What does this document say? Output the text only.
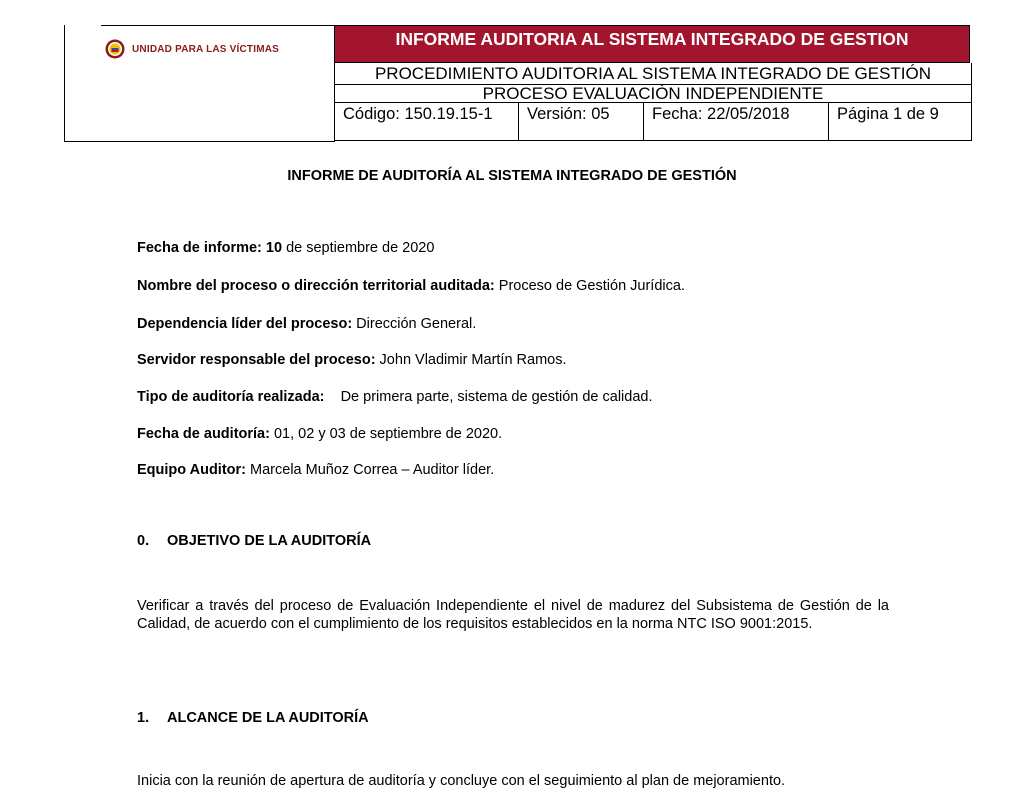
UNIDAD PARA LAS VÍCTIMAS	INFORME AUDITORIA AL SISTEMA INTEGRADO DE GESTION
PROCEDIMIENTO AUDITORIA AL SISTEMA INTEGRADO DE GESTIÓN
PROCESO EVALUACIÒN INDEPENDIENTE
Código: 150.19.15-1	Versión: 05	Fecha: 22/05/2018	Página 1 de 9
INFORME DE AUDITORÍA AL SISTEMA INTEGRADO DE GESTIÓN
Fecha de informe: 10 de septiembre de 2020
Nombre del proceso o dirección territorial auditada: Proceso de Gestión Jurídica.
Dependencia líder del proceso: Dirección General.
Servidor responsable del proceso: John Vladimir Martín Ramos.
Tipo de auditoría realizada:    De primera parte, sistema de gestión de calidad.
Fecha de auditoría: 01, 02 y 03 de septiembre de 2020.
Equipo Auditor: Marcela Muñoz Correa – Auditor líder.
0. OBJETIVO DE LA AUDITORÍA
Verificar a través del proceso de Evaluación Independiente el nivel de madurez del Subsistema de Gestión de la Calidad, de acuerdo con el cumplimiento de los requisitos establecidos en la norma NTC ISO 9001:2015.
1. ALCANCE DE LA AUDITORÍA
Inicia con la reunión de apertura de auditoría y concluye con el seguimiento al plan de mejoramiento.
